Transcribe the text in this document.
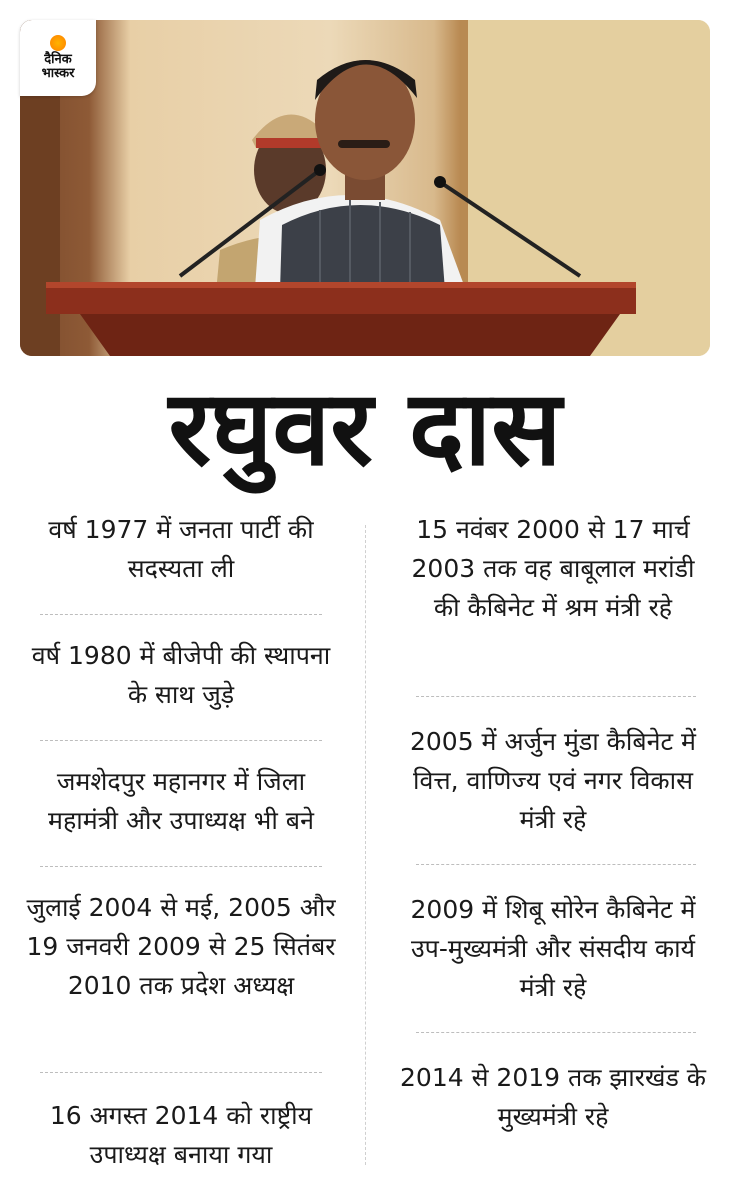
दैनिक
भास्कर
रघुवर दास
वर्ष 1977 में जनता पार्टी की सदस्यता ली
वर्ष 1980 में बीजेपी की स्थापना के साथ जुड़े
जमशेदपुर महानगर में जिला महामंत्री और उपाध्यक्ष भी बने
जुलाई 2004 से मई, 2005 और 19 जनवरी 2009 से 25 सितंबर 2010 तक प्रदेश अध्यक्ष
16 अगस्त 2014 को राष्ट्रीय उपाध्यक्ष बनाया गया
15 नवंबर 2000 से 17 मार्च 2003 तक वह बाबूलाल मरांडी की कैबिनेट में श्रम मंत्री रहे
2005 में अर्जुन मुंडा कैबिनेट में वित्त, वाणिज्य एवं नगर विकास मंत्री रहे
2009 में शिबू सोरेन कैबिनेट में उप-मुख्यमंत्री और संसदीय कार्य मंत्री रहे
2014 से 2019 तक झारखंड के मुख्यमंत्री रहे
